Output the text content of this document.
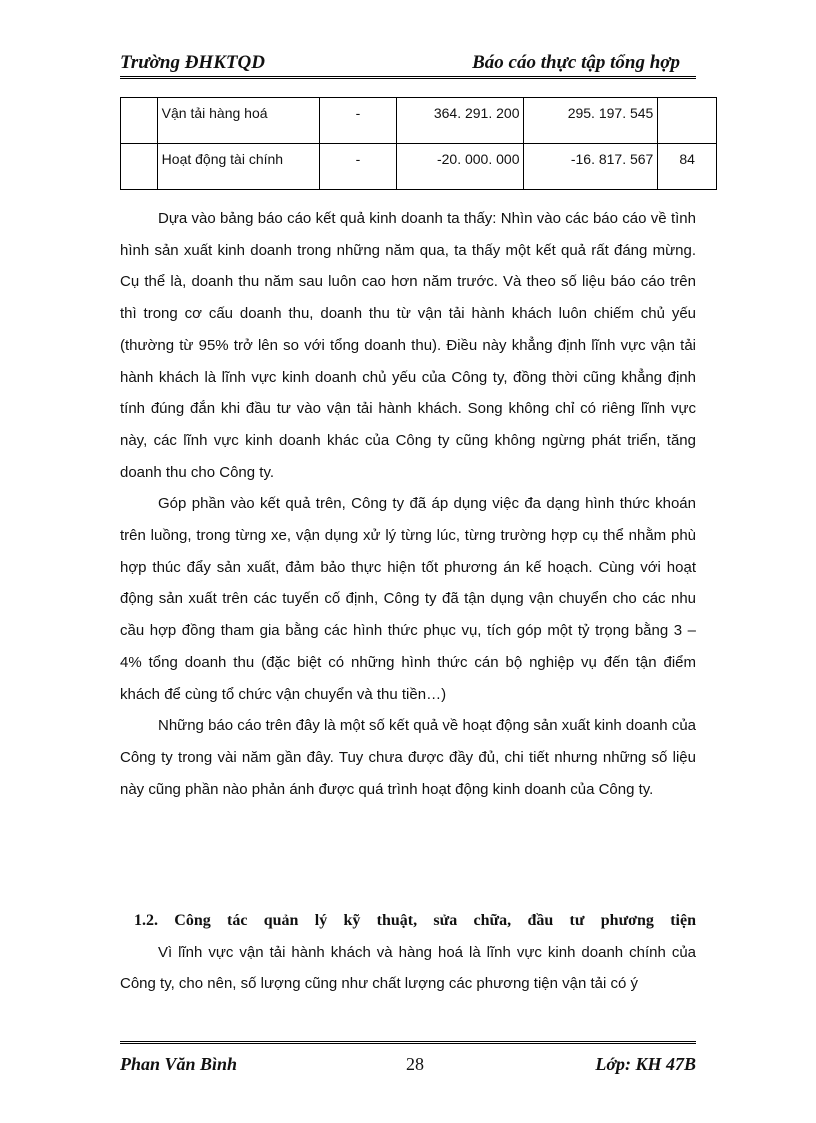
Trường ĐHKTQD	Báo cáo thực tập tổng hợp
	Vận tải hàng hoá	-	364. 291. 200	295. 197. 545	
	Hoạt động tài chính	-	-20. 000. 000	-16. 817. 567	84

Dựa vào bảng báo cáo kết quả kinh doanh ta thấy: Nhìn vào các báo cáo về tình hình sản xuất kinh doanh trong những năm qua, ta thấy một kết quả rất đáng mừng. Cụ thể là, doanh thu năm sau luôn cao hơn năm trước. Và theo số liệu báo cáo trên thì trong cơ cấu doanh thu, doanh thu từ vận tải hành khách luôn chiếm chủ yếu (thường từ 95% trở lên so với tổng doanh thu). Điều này khẳng định lĩnh vực vận tải hành khách là lĩnh vực kinh doanh chủ yếu của Công ty, đồng thời cũng khẳng định tính đúng đắn khi đầu tư vào vận tải hành khách. Song không chỉ có riêng lĩnh vực này, các lĩnh vực kinh doanh khác của Công ty cũng không ngừng phát triển, tăng doanh thu cho Công ty.

Góp phần vào kết quả trên, Công ty đã áp dụng việc đa dạng hình thức khoán trên luồng, trong từng xe, vận dụng xử lý từng lúc, từng trường hợp cụ thể nhằm phù hợp thúc đẩy sản xuất, đảm bảo thực hiện tốt phương án kế hoạch. Cùng với hoạt động sản xuất trên các tuyến cố định, Công ty đã tận dụng vận chuyển cho các nhu cầu hợp đồng tham gia bằng các hình thức phục vụ, tích góp một tỷ trọng bằng 3 – 4% tổng doanh thu (đặc biệt có những hình thức cán bộ nghiệp vụ đến tận điểm khách để cùng tổ chức vận chuyển và thu tiền…)

Những báo cáo trên đây là một số kết quả về hoạt động sản xuất kinh doanh của Công ty trong vài năm gần đây. Tuy chưa được đầy đủ, chi tiết nhưng những số liệu này cũng phần nào phản ánh được quá trình hoạt động kinh doanh của Công ty.

1.2. Công tác quản lý kỹ thuật, sửa chữa, đầu tư phương tiện

Vì lĩnh vực vận tải hành khách và hàng hoá là lĩnh vực kinh doanh chính của Công ty, cho nên, số lượng cũng như chất lượng các phương tiện vận tải có ý

Phan Văn Bình	28	Lớp: KH 47B
